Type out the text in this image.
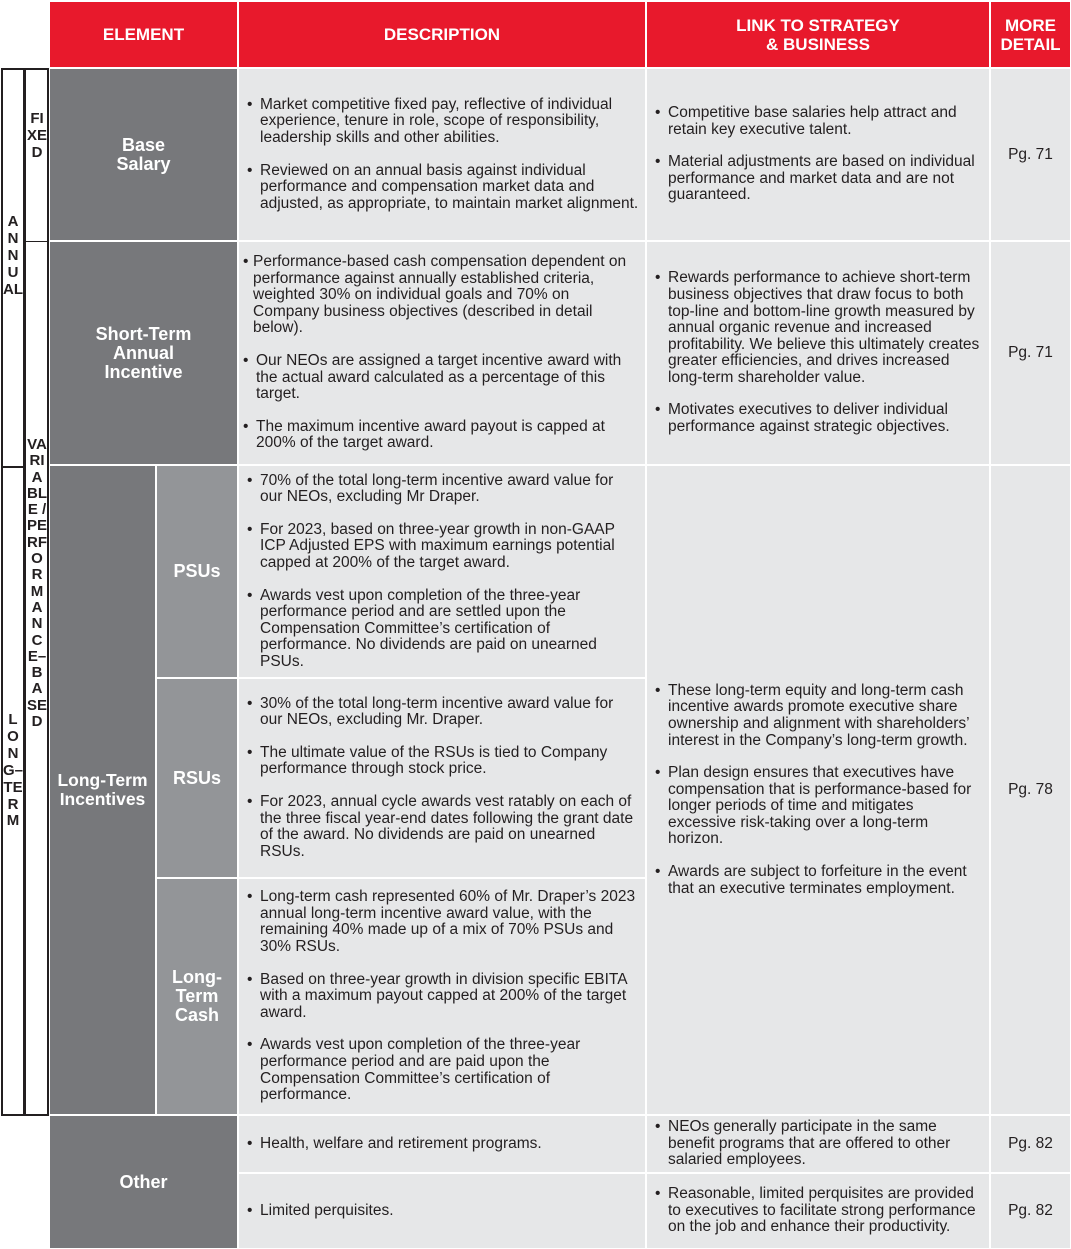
ANNUAL
LONG–TERM
FIXED
VARIABLE / PERFORMANCE–BASED
ELEMENT	DESCRIPTION	LINK TO STRATEGY
& BUSINESS
MORE
DETAIL
Base
Salary
• Market competitive fixed pay, reflective of individual experience, tenure in role, scope of responsibility, leadership skills and other abilities.
• Reviewed on an annual basis against individual performance and compensation market data and adjusted, as appropriate, to maintain market alignment.
• Competitive base salaries help attract and retain key executive talent.
• Material adjustments are based on individual performance and market data and are not guaranteed.
Pg. 71
Short-Term
Annual
Incentive
• Performance-based cash compensation dependent on performance against annually established criteria, weighted 30% on individual goals and 70% on Company business objectives (described in detail below).
• Our NEOs are assigned a target incentive award with the actual award calculated as a percentage of this target.
• The maximum incentive award payout is capped at 200% of the target award.
• Rewards performance to achieve short-term business objectives that draw focus to both top-line and bottom-line growth measured by annual organic revenue and increased profitability. We believe this ultimately creates greater efficiencies, and drives increased long-term shareholder value.
• Motivates executives to deliver individual performance against strategic objectives.
Pg. 71
Long-Term
Incentives
PSUs
• 70% of the total long-term incentive award value for our NEOs, excluding Mr Draper.
• For 2023, based on three-year growth in non-GAAP ICP Adjusted EPS with maximum earnings potential capped at 200% of the target award.
• Awards vest upon completion of the three-year performance period and are settled upon the Compensation Committee’s certification of performance. No dividends are paid on unearned PSUs.
RSUs
• 30% of the total long-term incentive award value for our NEOs, excluding Mr. Draper.
• The ultimate value of the RSUs is tied to Company performance through stock price.
• For 2023, annual cycle awards vest ratably on each of the three fiscal year-end dates following the grant date of the award. No dividends are paid on unearned RSUs.
Long-
Term
Cash
• Long-term cash represented 60% of Mr. Draper’s 2023 annual long-term incentive award value, with the remaining 40% made up of a mix of 70% PSUs and 30% RSUs.
• Based on three-year growth in division specific EBITA with a maximum payout capped at 200% of the target award.
• Awards vest upon completion of the three-year performance period and are paid upon the Compensation Committee’s certification of performance.
• These long-term equity and long-term cash incentive awards promote executive share ownership and alignment with shareholders’ interest in the Company’s long-term growth.
• Plan design ensures that executives have compensation that is performance-based for longer periods of time and mitigates excessive risk-taking over a long-term horizon.
• Awards are subject to forfeiture in the event that an executive terminates employment.
Pg. 78
Other
• Health, welfare and retirement programs.
• NEOs generally participate in the same benefit programs that are offered to other salaried employees.
Pg. 82
• Limited perquisites.
• Reasonable, limited perquisites are provided to executives to facilitate strong performance on the job and enhance their productivity.
Pg. 82
